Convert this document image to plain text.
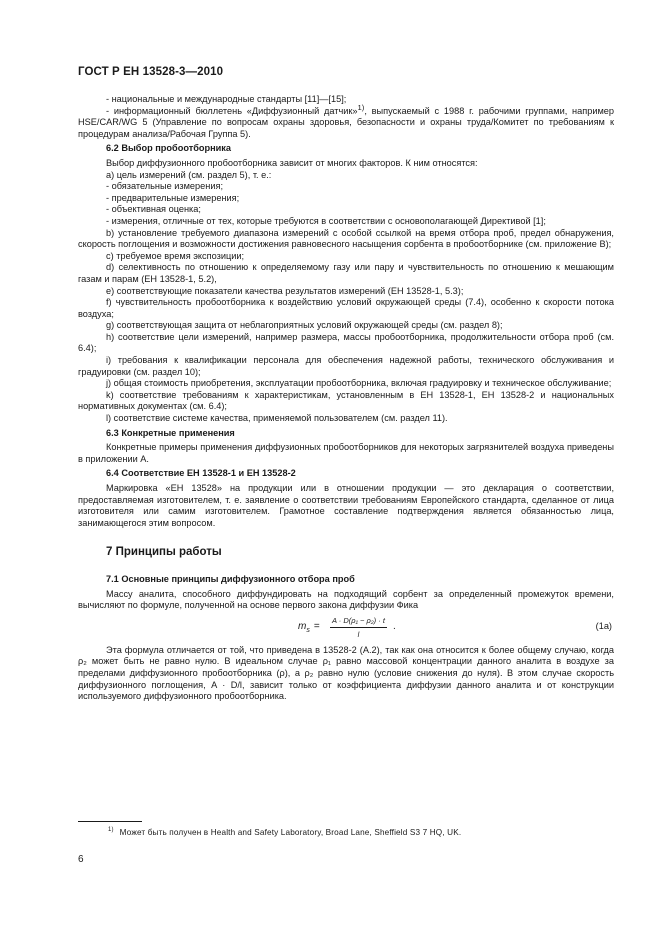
ГОСТ Р ЕН 13528-3—2010

- национальные и международные стандарты [11]—[15];

- информационный бюллетень «Диффузионный датчик»$^{1)}$, выпускаемый с 1988 г. рабочими группами, например HSE/CAR/WG 5 (Управление по вопросам охраны здоровья, безопасности и охраны труда/Комитет по требованиям к процедурам анализа/Рабочая Группа 5).

6.2 Выбор пробоотборника

Выбор диффузионного пробоотборника зависит от многих факторов. К ним относятся:

a) цель измерений (см. раздел 5), т. е.:

- обязательные измерения;

- предварительные измерения;

- объективная оценка;

- измерения, отличные от тех, которые требуются в соответствии с основополагающей Директивой [1];

b) установление требуемого диапазона измерений с особой ссылкой на время отбора проб, предел обнаружения, скорость поглощения и возможности достижения равновесного насыщения сорбента в пробоотборнике (см. приложение В);

c) требуемое время экспозиции;

d) селективность по отношению к определяемому газу или пару и чувствительность по отношению к мешающим газам и парам (ЕН 13528-1, 5.2),

e) соответствующие показатели качества результатов измерений (ЕН 13528-1, 5.3);

f) чувствительность пробоотборника к воздействию условий окружающей среды (7.4), особенно к скорости потока воздуха;

g) соответствующая защита от неблагоприятных условий окружающей среды (см. раздел 8);

h) соответствие цели измерений, например размера, массы пробоотборника, продолжительности отбора проб (см. 6.4);

i) требования к квалификации персонала для обеспечения надежной работы, технического обслуживания и градуировки (см. раздел 10);

j) общая стоимость приобретения, эксплуатации пробоотборника, включая градуировку и техническое обслуживание;

k) соответствие требованиям к характеристикам, установленным в ЕН 13528-1, ЕН 13528-2 и национальных нормативных документах (см. 6.4);

l) соответствие системе качества, применяемой пользователем (см. раздел 11).

6.3 Конкретные применения

Конкретные примеры применения диффузионных пробоотборников для некоторых загрязнителей воздуха приведены в приложении А.

6.4 Соответствие ЕН 13528-1 и ЕН 13528-2

Маркировка «ЕН 13528» на продукции или в отношении продукции — это декларация о соответствии, предоставляемая изготовителем, т. е. заявление о соответствии требованиям Европейского стандарта, сделанное от лица изготовителя или самим изготовителем. Грамотное составление подтверждения является обязанностью лица, занимающегося этим вопросом.

7 Принципы работы

7.1 Основные принципы диффузионного отбора проб

Массу аналита, способного диффундировать на подходящий сорбент за определенный промежуток времени, вычисляют по формуле, полученной на основе первого закона диффузии Фика

$m_s = \frac{\text{A · D(ρ₁ − ρ₂) · t}}{l}$ .	(1a)

Эта формула отличается от той, что приведена в 13528-2 (А.2), так как она относится к более общему случаю, когда ρ₂ может быть не равно нулю. В идеальном случае ρ₁ равно массовой концентрации данного аналита в воздухе за пределами диффузионного пробоотборника (ρ), а ρ₂ равно нулю (условие снижения до нуля). В этом случае скорость диффузионного поглощения, A · D/l, зависит только от коэффициента диффузии данного аналита и от конструкции используемого диффузионного пробоотборника.

$^{1)}$ Может быть получен в Health and Safety Laboratory, Broad Lane, Sheffield S3 7 HQ, UK.
6
